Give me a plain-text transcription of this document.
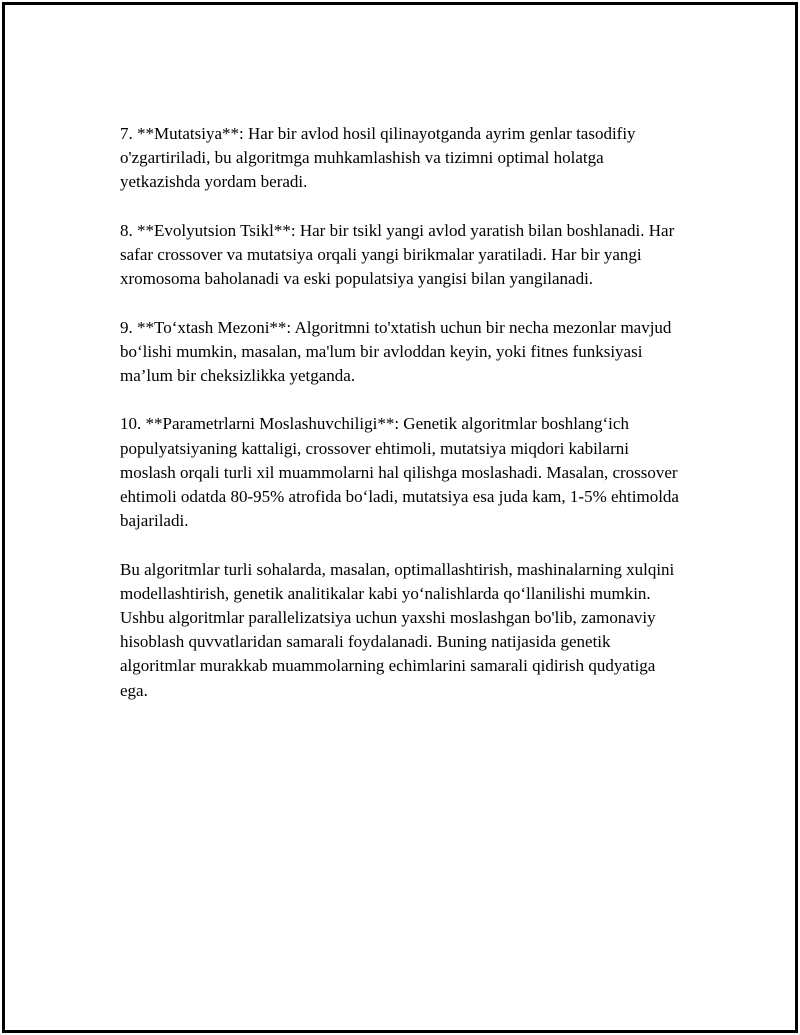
7. **Mutatsiya**: Har bir avlod hosil qilinayotganda ayrim genlar tasodifiy o'zgartiriladi, bu algoritmga muhkamlashish va tizimni optimal holatga yetkazishda yordam beradi.

8. **Evolyutsion Tsikl**: Har bir tsikl yangi avlod yaratish bilan boshlanadi. Har safar crossover va mutatsiya orqali yangi birikmalar yaratiladi. Har bir yangi xromosoma baholanadi va eski populatsiya yangisi bilan yangilanadi.

9. **To‘xtash Mezoni**: Algoritmni to'xtatish uchun bir necha mezonlar mavjud bo‘lishi mumkin, masalan, ma'lum bir avloddan keyin, yoki fitnes funksiyasi ma’lum bir cheksizlikka yetganda.

10. **Parametrlarni Moslashuvchiligi**: Genetik algoritmlar boshlang‘ich populyatsiyaning kattaligi, crossover ehtimoli, mutatsiya miqdori kabilarni moslash orqali turli xil muammolarni hal qilishga moslashadi. Masalan, crossover ehtimoli odatda 80-95% atrofida bo‘ladi, mutatsiya esa juda kam, 1-5% ehtimolda bajariladi.

Bu algoritmlar turli sohalarda, masalan, optimallashtirish, mashinalarning xulqini modellashtirish, genetik analitikalar kabi yo‘nalishlarda qo‘llanilishi mumkin. Ushbu algoritmlar parallelizatsiya uchun yaxshi moslashgan bo'lib, zamonaviy hisoblash quvvatlaridan samarali foydalanadi. Buning natijasida genetik algoritmlar murakkab muammolarning echimlarini samarali qidirish qudyatiga ega.
